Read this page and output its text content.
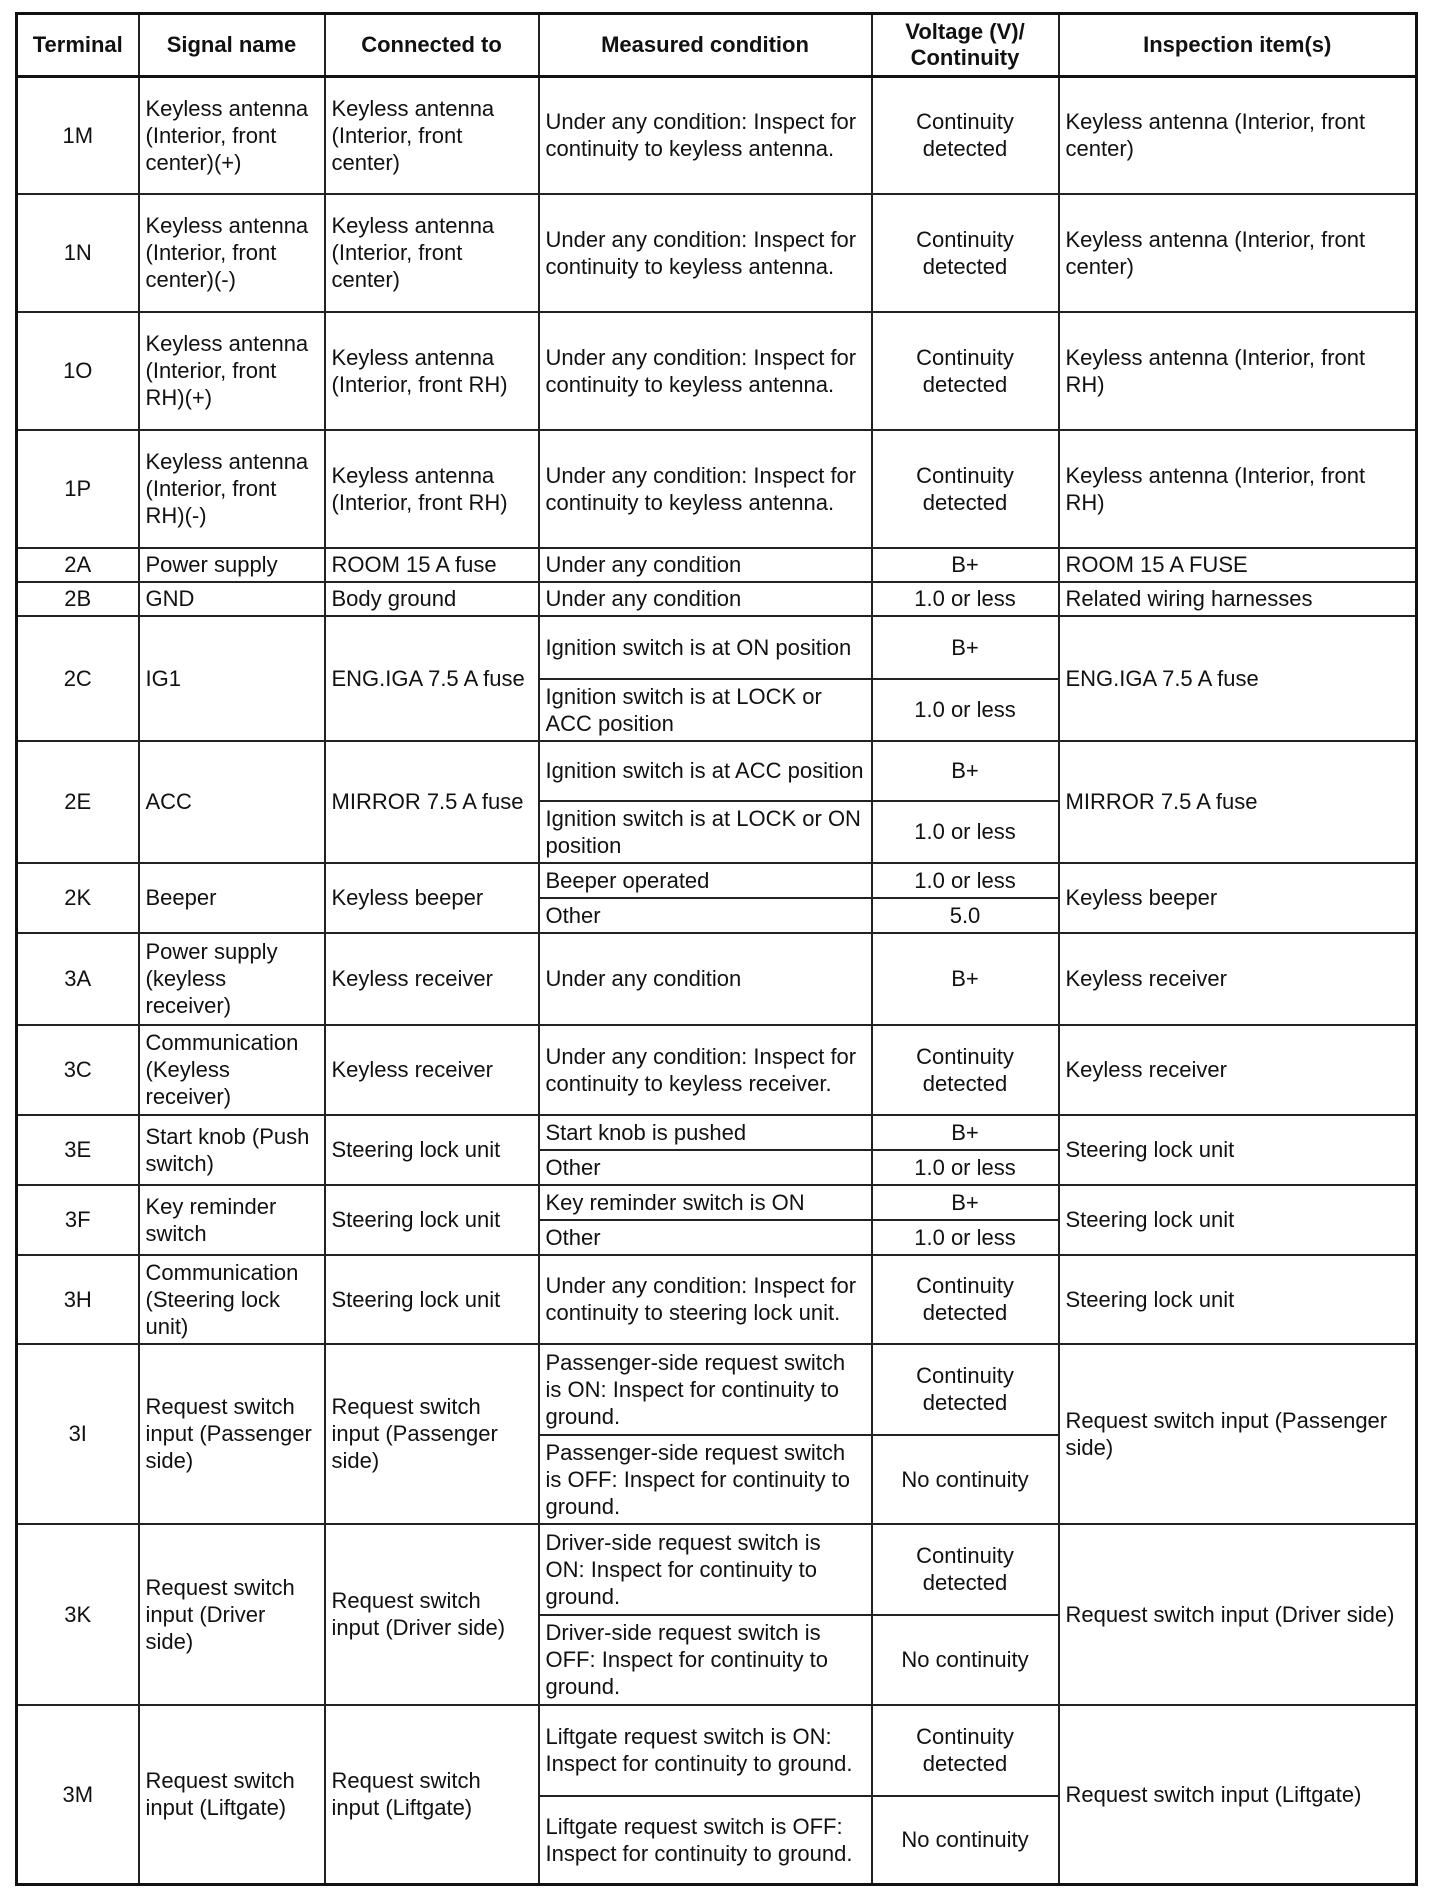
Terminal	Signal name	Connected to	Measured condition	Voltage (V)/ Continuity	Inspection item(s)
1M	Keyless antenna (Interior, front center)(+)	Keyless antenna (Interior, front center)	Under any condition: Inspect for continuity to keyless antenna.	Continuity detected	Keyless antenna (Interior, front center)
1N	Keyless antenna (Interior, front center)(-)	Keyless antenna (Interior, front center)	Under any condition: Inspect for continuity to keyless antenna.	Continuity detected	Keyless antenna (Interior, front center)
1O	Keyless antenna (Interior, front RH)(+)	Keyless antenna (Interior, front RH)	Under any condition: Inspect for continuity to keyless antenna.	Continuity detected	Keyless antenna (Interior, front RH)
1P	Keyless antenna (Interior, front RH)(-)	Keyless antenna (Interior, front RH)	Under any condition: Inspect for continuity to keyless antenna.	Continuity detected	Keyless antenna (Interior, front RH)
2A	Power supply	ROOM 15 A fuse	Under any condition	B+	ROOM 15 A FUSE
2B	GND	Body ground	Under any condition	1.0 or less	Related wiring harnesses
2C	IG1	ENG.IGA 7.5 A fuse	Ignition switch is at ON position	B+	ENG.IGA 7.5 A fuse
			Ignition switch is at LOCK or ACC position	1.0 or less	
2E	ACC	MIRROR 7.5 A fuse	Ignition switch is at ACC position	B+	MIRROR 7.5 A fuse
			Ignition switch is at LOCK or ON position	1.0 or less	
2K	Beeper	Keyless beeper	Beeper operated	1.0 or less	Keyless beeper
			Other	5.0	
3A	Power supply (keyless receiver)	Keyless receiver	Under any condition	B+	Keyless receiver
3C	Communication (Keyless receiver)	Keyless receiver	Under any condition: Inspect for continuity to keyless receiver.	Continuity detected	Keyless receiver
3E	Start knob (Push switch)	Steering lock unit	Start knob is pushed	B+	Steering lock unit
			Other	1.0 or less	
3F	Key reminder switch	Steering lock unit	Key reminder switch is ON	B+	Steering lock unit
			Other	1.0 or less	
3H	Communication (Steering lock unit)	Steering lock unit	Under any condition: Inspect for continuity to steering lock unit.	Continuity detected	Steering lock unit
3I	Request switch input (Passenger side)	Request switch input (Passenger side)	Passenger-side request switch is ON: Inspect for continuity to ground.	Continuity detected	Request switch input (Passenger side)
			Passenger-side request switch is OFF: Inspect for continuity to ground.	No continuity	
3K	Request switch input (Driver side)	Request switch input (Driver side)	Driver-side request switch is ON: Inspect for continuity to ground.	Continuity detected	Request switch input (Driver side)
			Driver-side request switch is OFF: Inspect for continuity to ground.	No continuity	
3M	Request switch input (Liftgate)	Request switch input (Liftgate)	Liftgate request switch is ON: Inspect for continuity to ground.	Continuity detected	Request switch input (Liftgate)
			Liftgate request switch is OFF: Inspect for continuity to ground.	No continuity	
